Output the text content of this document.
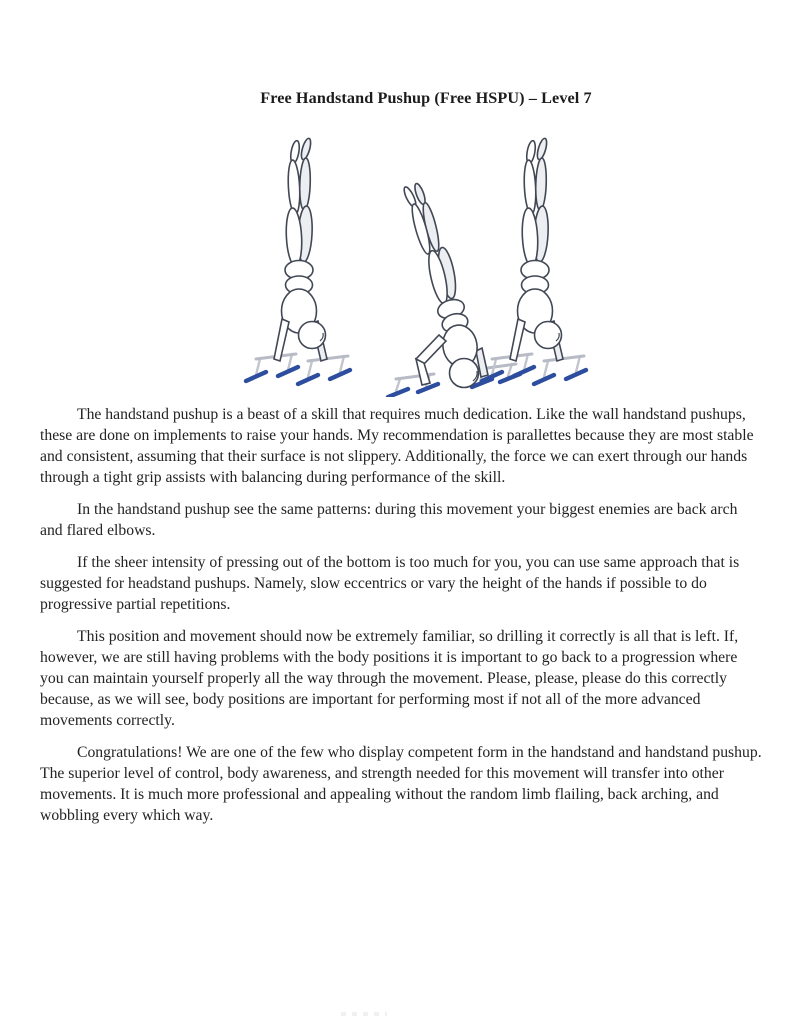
Free Handstand Pushup (Free HSPU) – Level 7

The handstand pushup is a beast of a skill that requires much dedication. Like the wall handstand pushups, these are done on implements to raise your hands. My recommendation is parallettes because they are most stable and consistent, assuming that their surface is not slippery. Additionally, the force we can exert through our hands through a tight grip assists with balancing during performance of the skill.

In the handstand pushup see the same patterns: during this movement your biggest enemies are back arch and flared elbows.

If the sheer intensity of pressing out of the bottom is too much for you, you can use same approach that is suggested for headstand pushups. Namely, slow eccentrics or vary the height of the hands if possible to do progressive partial repetitions.

This position and movement should now be extremely familiar, so drilling it correctly is all that is left. If, however, we are still having problems with the body positions it is important to go back to a progression where you can maintain yourself properly all the way through the movement. Please, please, please do this correctly because, as we will see, body positions are important for performing most if not all of the more advanced movements correctly.

Congratulations! We are one of the few who display competent form in the handstand and handstand pushup. The superior level of control, body awareness, and strength needed for this movement will transfer into other movements. It is much more professional and appealing without the random limb flailing, back arching, and wobbling every which way.
